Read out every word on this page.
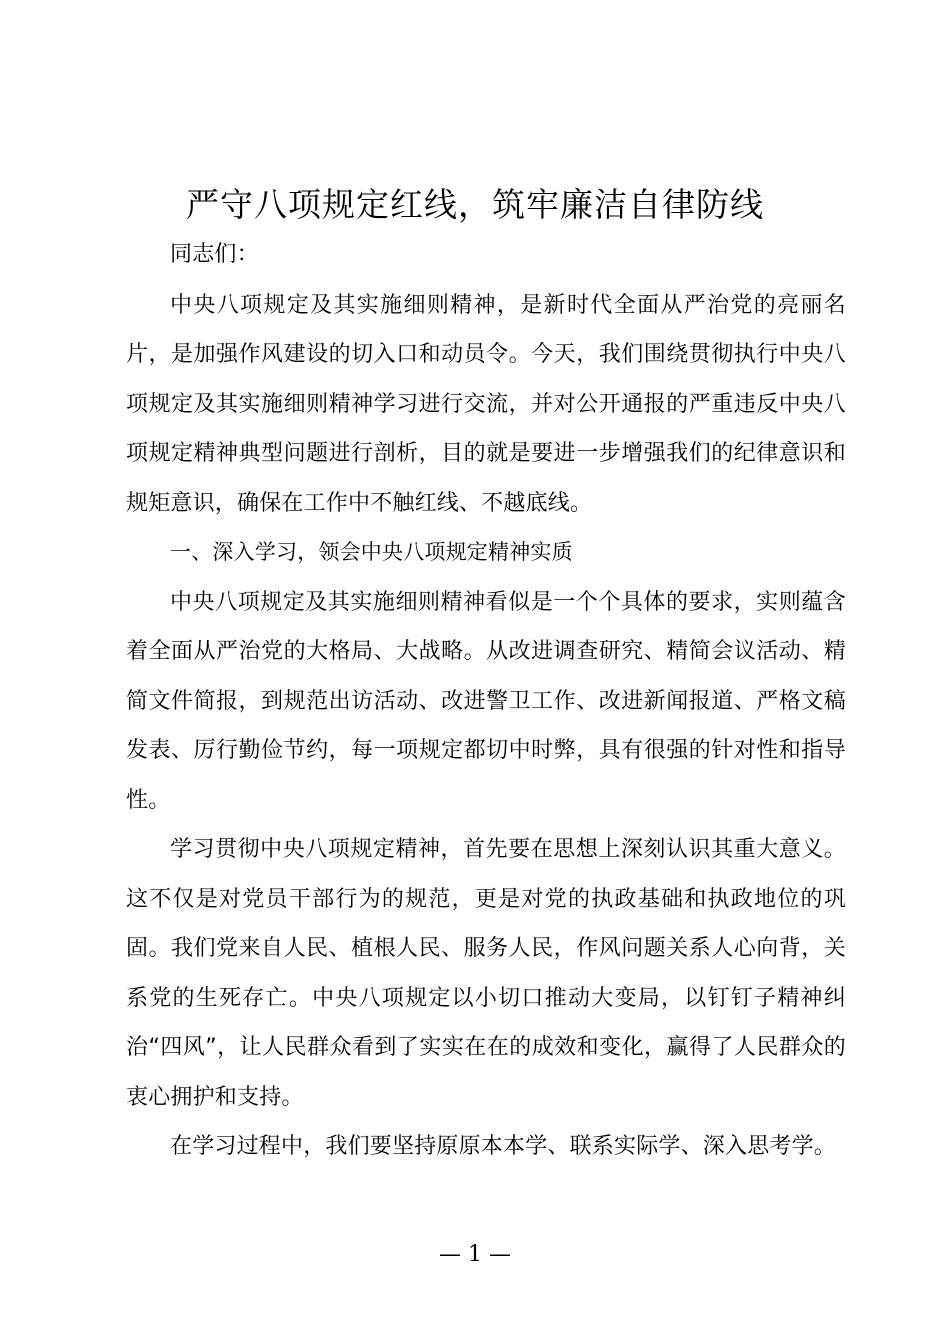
严守八项规定红线，筑牢廉洁自律防线

同志们：

中央八项规定及其实施细则精神，是新时代全面从严治党的亮丽名片，是加强作风建设的切入口和动员令。今天，我们围绕贯彻执行中央八项规定及其实施细则精神学习进行交流，并对公开通报的严重违反中央八项规定精神典型问题进行剖析，目的就是要进一步增强我们的纪律意识和规矩意识，确保在工作中不触红线、不越底线。

一、深入学习，领会中央八项规定精神实质

中央八项规定及其实施细则精神看似是一个个具体的要求，实则蕴含着全面从严治党的大格局、大战略。从改进调查研究、精简会议活动、精简文件简报，到规范出访活动、改进警卫工作、改进新闻报道、严格文稿发表、厉行勤俭节约，每一项规定都切中时弊，具有很强的针对性和指导性。

学习贯彻中央八项规定精神，首先要在思想上深刻认识其重大意义。这不仅是对党员干部行为的规范，更是对党的执政基础和执政地位的巩固。我们党来自人民、植根人民、服务人民，作风问题关系人心向背，关系党的生死存亡。中央八项规定以小切口推动大变局，以钉钉子精神纠治“四风”，让人民群众看到了实实在在的成效和变化，赢得了人民群众的衷心拥护和支持。

在学习过程中，我们要坚持原原本本学、联系实际学、深入思考学。

— 1 —
